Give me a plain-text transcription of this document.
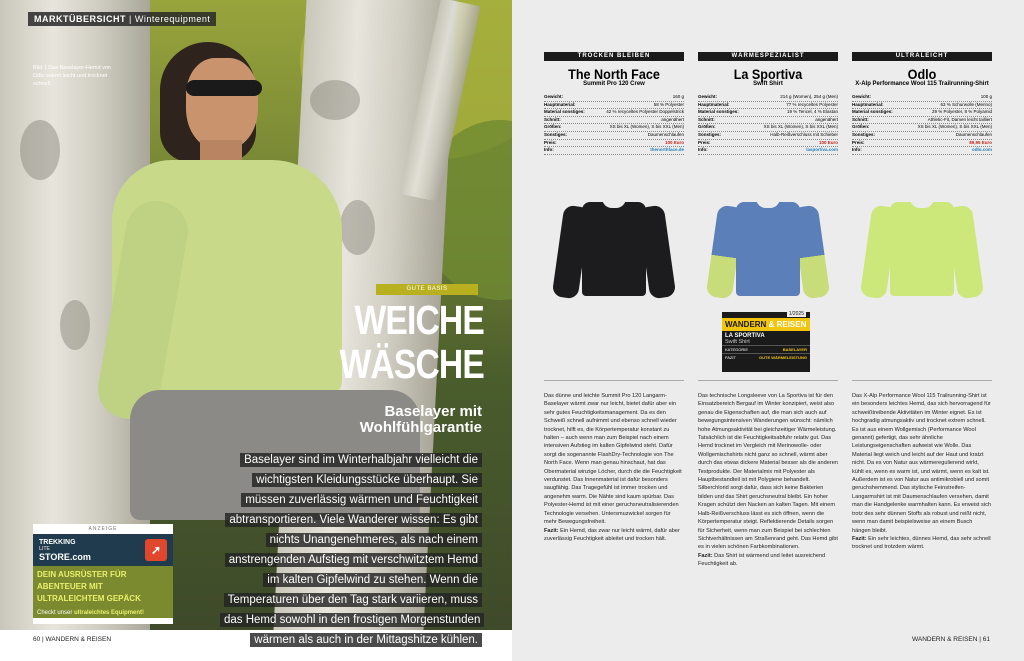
MARKTÜBERSICHT | Winterequipment
Bild 1 Das Baselayer-Hemd von Odlo wärmt leicht und trocknet schnell.
GUTE BASIS
WEICHE WÄSCHE
Baselayer mit Wohlfühlgarantie
Baselayer sind im Winterhalbjahr vielleicht die wichtigsten Kleidungsstücke überhaupt. Sie müssen zuverlässig wärmen und Feuchtigkeit abtransportieren. Viele Wanderer wissen: Es gibt nichts Unangenehmeres, als nach einem anstrengenden Aufstieg mit verschwitztem Hemd im kalten Gipfelwind zu stehen. Wenn die Temperaturen über den Tag stark variieren, muss das Hemd sowohl in den frostigen Morgenstunden wärmen als auch in der Mittagshitze kühlen.
ANZEIGE
TREKKING
LITE
STORE.com	➚
DEIN AUSRÜSTER FÜR ABENTEUER MIT ULTRALEICHTEM GEPÄCK
Checkt unser ultraleichtes Equipment!
60 | WANDERN & REISEN
TROCKEN BLEIBEN
The North Face
Summit Pro 120 Crew
Gewicht:	160 g
Hauptmaterial:	58 % Polyester
Material sonstiges:	42 % recyceltes Polyester Doppelstrick
Schnitt:	angenähert
Größen:	XS bis XL (Women), S bis XXL (Men)
Sonstiges:	Daumenschlaufen
Preis:	100 Euro
Info:	thenorthface.de
WÄRMESPEZIALIST
La Sportiva
Swift Shirt
Gewicht:	214 g (Women), 254 g (Men)
Hauptmaterial:	77 % recyceltes Polyester
Material sonstiges:	19 % Tencel, 4 % Elastan
Schnitt:	angenähert
Größen:	XS bis XL (Women), S bis XXL (Men)
Sonstiges:	Halb-Reißverschluss mit Schieber
Preis:	100 Euro
Info:	lasportiva.com
ULTRALEICHT
Odlo
X-Alp Performance Wool 115 Trailrunning-Shirt
Gewicht:	100 g
Hauptmaterial:	63 % Schurwolle (Merino)
Material sonstiges:	29 % Polyester, 8 % Polyamid
Schnitt:	Athletic-Fit, Damen leicht tailliert
Größen:	XS bis XL (Women), S bis XXL (Men)
Sonstiges:	Daumenschlaufen
Preis:	89,95 Euro
Info:	odlo.com
1/2025
WANDERN & REISEN
LA SPORTIVA
Swift Shirt
KATEGORIE	BASELAYER
FAZIT	GUTE WÄRMELEISTUNG
Das dünne und leichte Summit Pro 120 Langarm-Baselayer wärmt zwar nur leicht, bietet dafür aber ein sehr gutes Feuchtigkeitsmanagement. Da es den Schweiß schnell aufnimmt und ebenso schnell wieder trocknet, hilft es, die Körpertemperatur konstant zu halten – auch wenn man zum Beispiel nach einem intensiven Aufstieg im kalten Gipfelwind steht. Dafür sorgt die sogenannte FlashDry-Technologie von The North Face. Wenn man genau hinschaut, hat das Obermaterial winzige Löcher, durch die die Feuchtigkeit verdunstet. Das Innenmaterial ist dafür besonders saugfähig. Das Tragegefühl ist immer trocken und angenehm warm. Die Nähte sind kaum spürbar. Das Polyester-Hemd ist mit einer geruchsneutralisierenden Technologie versehen. Untersmuzwickel sorgen für mehr Bewegungsfreiheit.
Fazit: Ein Hemd, das zwar nur leicht wärmt, dafür aber zuverlässig Feuchtigkeit ableitet und trocken hält.
Das technische Longsleeve von La Sportiva ist für den Einsatzbereich Bergauf im Winter konzipiert, weist also genau die Eigenschaften auf, die man sich auch auf bewegungsintensiven Wanderungen wünscht: nämlich hohe Atmungsaktivität bei gleichzeitiger Wärmeleistung. Tatsächlich ist die Feuchtigkeitsabfuhr relativ gut. Das Hemd trocknet im Vergleich mit Merinowolle- oder Wollgemischshirts nicht ganz so schnell, wärmt aber durch das etwas dickere Material besser als die anderen Testprodukte. Der Materialmix mit Polyester als Hauptbestandteil ist mit Polygiene behandelt. Silberchlorid sorgt dafür, dass sich keine Bakterien bilden und das Shirt geruchsneutral bleibt. Ein hoher Kragen schützt den Nacken an kalten Tagen. Mit einem Halb-Reißverschluss lässt es sich öffnen, wenn die Körpertemperatur steigt. Reflektierende Details sorgen für Sicherheit, wenn man zum Beispiel bei schlechten Sichtverhältnissen am Straßenrand geht. Das Hemd gibt es in vielen schönen Farbkombinationen.
Fazit: Das Shirt ist wärmend und leitet ausreichend Feuchtigkeit ab.
Das X-Alp Performance Wool 115 Trailrunning-Shirt ist ein besonders leichtes Hemd, das sich hervorragend für schweißtreibende Aktivitäten im Winter eignet. Es ist hochgradig atmungsaktiv und trocknet extrem schnell. Es ist aus einem Wollgemisch (Performance Wool genannt) gefertigt, das sehr ähnliche Leistungseigenschaften aufweist wie Wolle. Das Material liegt weich und leicht auf der Haut und kratzt nicht. Da es von Natur aus wärmeregulierend wirkt, kühlt es, wenn es warm ist, und wärmt, wenn es kalt ist. Außerdem ist es von Natur aus antimikrobiell und somit geruchshemmend. Das stylische Feinstreifen-Langarmshirt ist mit Daumenschlaufen versehen, damit man die Handgelenke warmhalten kann. Es erweist sich trotz des sehr dünnen Stoffs als robust und reißt nicht, wenn man damit beispielsweise an einem Busch hängen bleibt.
Fazit: Ein sehr leichtes, dünnes Hemd, das sehr schnell trocknet und trotzdem wärmt.
WANDERN & REISEN | 61
